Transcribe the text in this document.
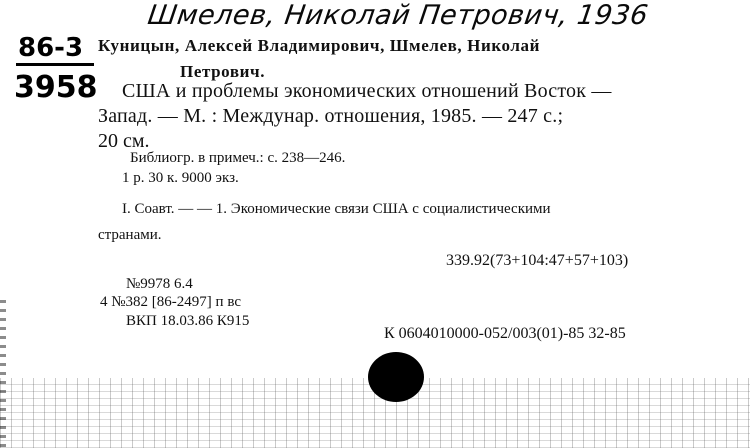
Шмелев, Николай Петрович, 1936
86-3
3958
Куницын, Алексей Владимирович, Шмелев, Николай
Петрович.
США и проблемы экономических отношений Восток —
Запад. — М. : Междунар. отношения, 1985. — 247 с.;
20 см.
Библиогр. в примеч.: с. 238—246.
1 р. 30 к. 9000 экз.
I. Соавт. — — 1. Экономические связи США с социалистическими
странами.
339.92(73+104:47+57+103)
№9978 6.4
4 №382 [86-2497] п вс
ВКП 18.03.86 К915
К 0604010000-052/003(01)-85 32-85
